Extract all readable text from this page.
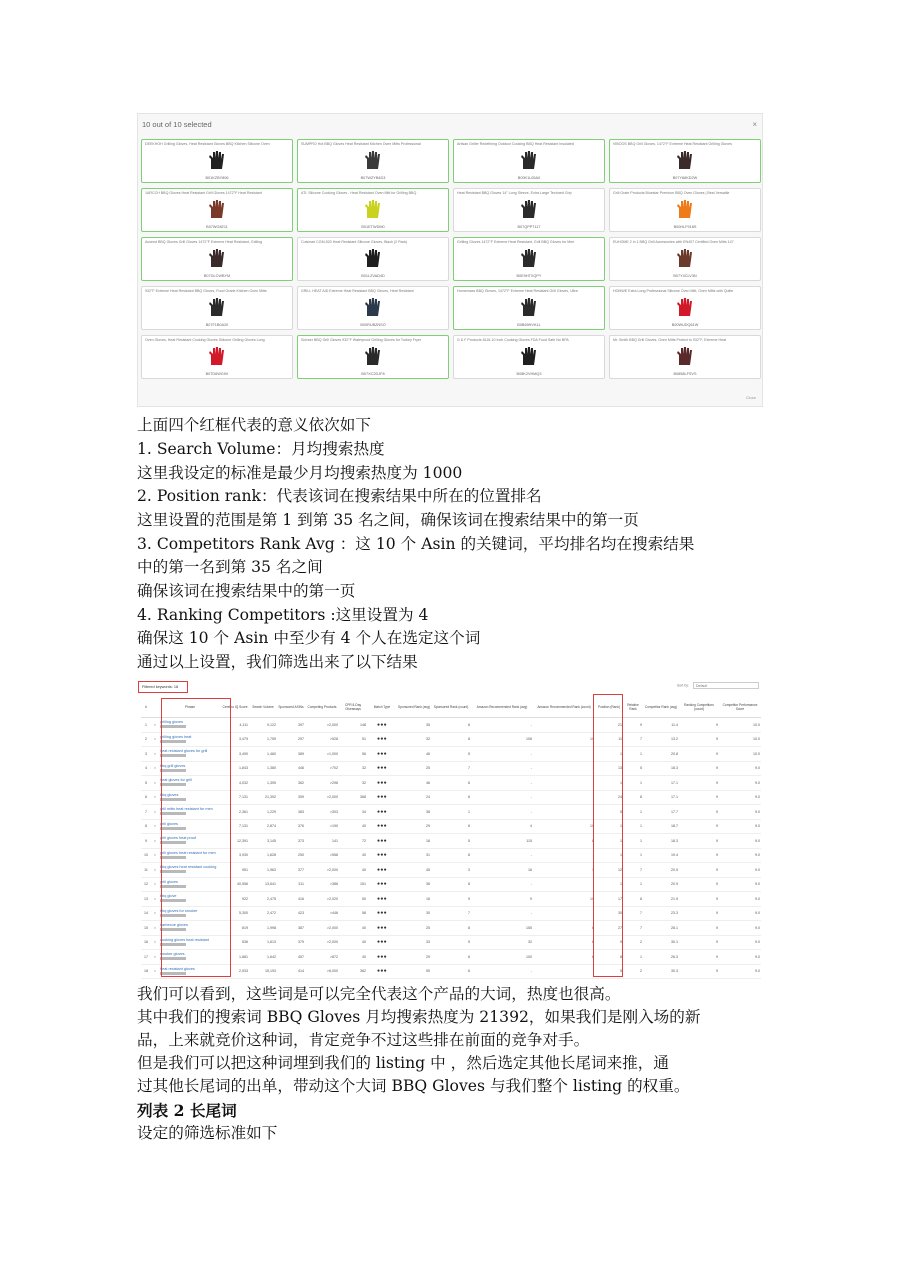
10 out of 10 selected	×
DEEKHOH Grilling Gloves, Heat Resistant Gloves BBQ Kitchen Silicone Oven
B01KZBY806
SUMPRO Hot BBQ Gloves Heat Resistant Kitchen Oven Mitts Professional
B07WZYB4D3
Artisan Griller Redefining Outdoor Cooking BBQ Heat Resistant Insulated
B00K1L05A0
VIBOOS BBQ Grill Gloves, 1472°F Extreme Heat Resistant Grilling Gloves
B07Y66KD2W
1ARCCH BBQ Gloves Heat Resistant Grill Gloves 1472°F Heat Resistant
B07WG8Z11
ATL Silicone Cooking Gloves - Heat Resistant Oven Mitt for Grilling BBQ
B01ETWDM0
Heat Resistant BBQ Gloves 14" Long Sleeve, Extra Large Textured Grip
B07QPP7117
Grill Grate Products Bluestar Premium BBQ Oven Gloves | Best Versatile
B00HLF918S
Acsend BBQ Gloves Grill Gloves 1472°F Extreme Heat Resistant, Grilling
B07GLCWBYM
Cuisinart CGM-520 Heat Resistant Silicone Gloves, Black (2 Pack)
B01LZVAD4D
Grilling Gloves 1472°F Extreme Heat Resistant, Grill BBQ Gloves for Men
B0E9HTXQPY
EUHOME 2 in 1 BBQ Grill Accessories with EN407 Certified Oven Mitts 147
B07Y4CLV3N
932°F Extreme Heat Resistant BBQ Gloves, Food Grade Kitchen Oven Mitts
B07F1B0A20
GRILL HEAT AID Extreme Heat Resistant BBQ Gloves, Heat Resistant
B00RUBZNSO
Homemaxs BBQ Gloves, 1472°F Extreme Heat Resistant Grill Gloves, Ultra
B0B69HVK1L
HOMWE Extra Long Professional Silicone Oven Mitt, Oven Mitts with Quilte
B00WUDQ61W
Oven Gloves, Heat Resistant Cooking Gloves Silicone Grilling Gloves Long
B07D6WG9X
Schwer BBQ Grill Gloves 932°F Waterproof Grilling Gloves for Turkey Fryer
B07XC2DJF8
G & F Products 8116-10 Inch Cooking Gloves FDA Food Safe No BPA
B08K2VHMQ3
Mr. Smith BBQ Grill Gloves, Oven Mitts Protect to 932°F, Extreme Heat
B0858LFSVS
Close
上面四个红框代表的意义依次如下
1. Search Volume：月均搜索热度
这里我设定的标准是最少月均搜索热度为 1000
2. Position rank：代表该词在搜索结果中所在的位置排名
这里设置的范围是第 1 到第 35 名之间，确保该词在搜索结果中的第一页
3. Competitors Rank Avg ：这 10 个 Asin 的关键词，平均排名均在搜索结果
中的第一名到第 35 名之间
确保该词在搜索结果中的第一页
4. Ranking Competitors :这里设置为 4
确保这 10 个 Asin 中至少有 4 个人在选定这个词
通过以上设置，我们筛选出来了以下结果
Filtered keywords: 18	Sort by: Default
#		Phrase	Cerebro IQ Score	Search Volume	Sponsored ASINs	Competing Products	CPR 8-Day Giveaways	Match Type	Sponsored Rank (avg)	Sponsored Rank (count)	Amazon Recommended Rank (avg)	Amazon Recommended Rank (count)	Position (Rank)	Relative Rank	Competitor Rank (avg)	Ranking Competitors (count)	Competitor Performance Score
1	▪	grilling gloves	4,111	9,122	397	>2,000	148	●●●	35	6	-	-	21	9	11.4	9	10.0
2	▪	grilling gloves heat	3,479	1,759	297	>528	51	●●●	32	8	106	10	11	7	13.2	9	10.0
3	▪	heat resistant gloves for grill	3,490	1,460	389	>1,000	56	●●●	46	5	-	-	1	1	20.8	9	10.0
4	▪	bbq grill gloves	1,843	1,380	446	>702	32	●●●	25	7	-	-	13	5	18.3	9	9.0
5	▪	heat gloves for grill	4,032	1,395	362	>296	32	●●●	46	6	-	-	1	1	17.1	9	9.0
6	▪	bbq gloves	7,131	21,392	359	>2,000	368	●●●	24	6	-	-	24	8	17.1	9	9.0
7	▪	grill mitts heat resistant for men	2,361	1,229	383	>303	34	●●●	38	1	-	-	5	1	17.7	9	9.0
8	▪	grill gloves	7,131	2,874	376	>190	40	●●●	29	8	4	10	1	1	18.7	9	9.0
9	▪	grill gloves heat proof	12,391	3,145	373	141	72	●●●	18	5	115	8	1	1	18.3	9	9.0
10	▪	grill gloves heat resistant for men	3,930	1,628	250	>558	40	●●●	31	8	-	-	1	1	19.4	9	9.0
11	▪	bbq gloves heat resistant cooking	951	1,963	377	>2,000	40	●●●	45	3	16	1	12	7	20.9	9	9.0
12	▪	grill gloves	40,556	13,641	311	>386	151	●●●	36	8	-	-	1	1	20.9	9	9.0
13	▪	bbq glove	922	2,475	416	>2,020	50	●●●	16	9	9	10	17	8	21.9	9	9.0
14	▪	bbq gloves for smoker	5,300	2,472	423	>446	58	●●●	30	7	-	-	30	7	23.3	9	9.0
15	▪	barbecue gloves	819	1,998	387	>2,000	40	●●●	25	8	155	6	27	7	28.1	9	9.0
16	▪	cooking gloves heat resistant	536	1,613	379	>2,000	40	●●●	33	5	32	6	9	2	30.1	9	9.0
17	▪	smoker gloves	1,881	1,642	457	>872	40	●●●	29	6	100	6	8	1	26.3	9	9.0
18	▪	heat resistant gloves	2,533	15,193	414	>6,000	362	●●●	59	6	-	-	5	2	30.3	9	9.0
我们可以看到，这些词是可以完全代表这个产品的大词，热度也很高。
其中我们的搜索词 BBQ Gloves 月均搜索热度为 21392，如果我们是刚入场的新
品，上来就竞价这种词，肯定竞争不过这些排在前面的竞争对手。
但是我们可以把这种词埋到我们的 listing 中 ，然后选定其他长尾词来推，通
过其他长尾词的出单，带动这个大词 BBQ Gloves 与我们整个 listing 的权重。
列表 2 长尾词
设定的筛选标准如下
